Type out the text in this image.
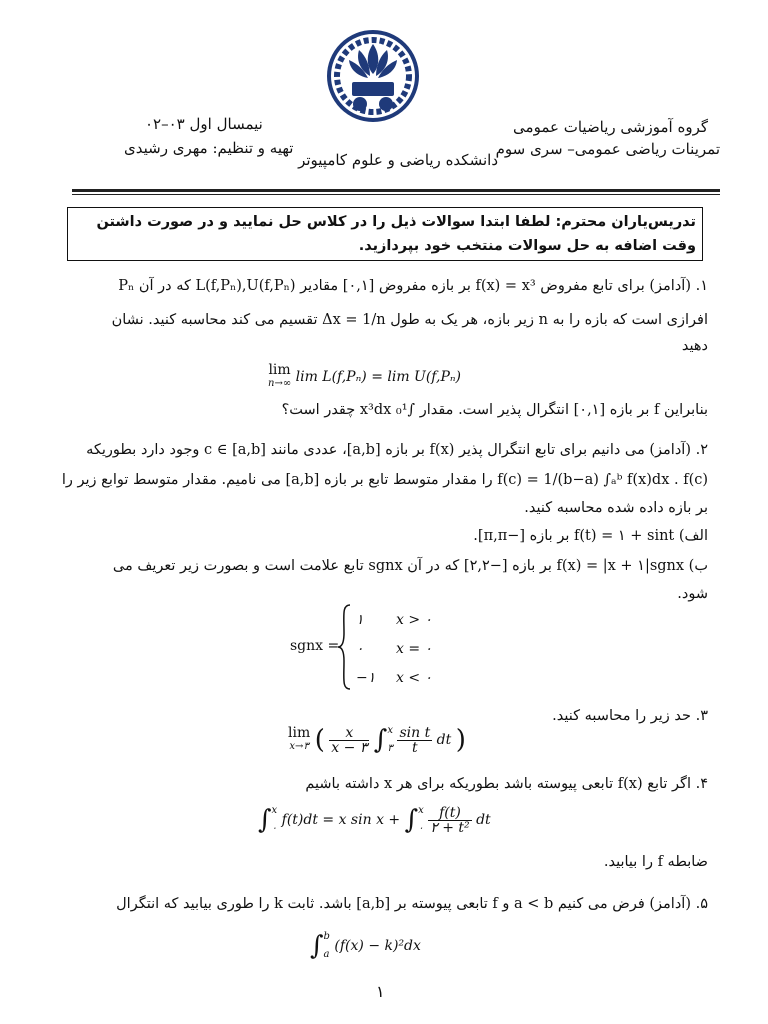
گروه آموزشی ریاضیات عمومی
تمرینات ریاضی عمومی– سری سوم
دانشکده ریاضی و علوم کامپیوتر
نیمسال اول ۰۳–۰۲
تهیه و تنظیم: مهری رشیدی
تدریس‌یاران محترم: لطفا ابتدا سوالات ذیل را در کلاس حل نمایید و در صورت داشتن وقت اضافه به حل سوالات منتخب خود بپردازید.
۱. (آدامز) برای تابع مفروض f(x) = x³ بر بازه مفروض [۰,۱] مقادیر L(f,Pₙ),U(f,Pₙ) که در آن Pₙ
افرازی است که بازه را به n زیر بازه، هر یک به طول Δx = 1/n تقسیم می کند محاسبه کنید. نشان
دهید
lim
n→∞ lim L(f,Pₙ) = lim U(f,Pₙ)
بنابراین f بر بازه [۰,۱] انتگرال پذیر است. مقدار ∫₀¹ x³dx چقدر است؟
۲. (آدامز) می دانیم برای تابع انتگرال پذیر f(x) بر بازه [a,b]، عددی مانند c ∈ [a,b] وجود دارد بطوریکه
f(c) = 1/(b−a) ∫ₐᵇ f(x)dx . f(c) را مقدار متوسط تابع بر بازه [a,b] می نامیم. مقدار متوسط توابع زیر را
بر بازه داده شده محاسبه کنید.
الف) f(t) = ۱ + sint بر بازه [−π,π].
ب) f(x) = |x + ۱|sgnx بر بازه [−۲,۲] که در آن sgnx تابع علامت است و بصورت زیر تعریف می
شود.
sgnx =
۱ x > ۰
۰ x = ۰
−۱ x < ۰
۳. حد زیر را محاسبه کنید.
lim
x→۳ ( $\frac{x}{x - ۳}$ ∫ x
۳
$\frac{\text{sin t}}{t}$ dt )
۴. اگر تابع f(x) تابعی پیوسته باشد بطوریکه برای هر x داشته باشیم
∫ x
۰
f(t)dt = x sin x + ∫ x
۰
$\frac{f(t)}{\text{۲ + t²}}$ dt
ضابطه f را بیابید.
۵. (آدامز) فرض می کنیم a < b و f تابعی پیوسته بر [a,b] باشد. ثابت k را طوری بیابید که انتگرال
∫ b
a
(f(x) − k)²dx
۱
